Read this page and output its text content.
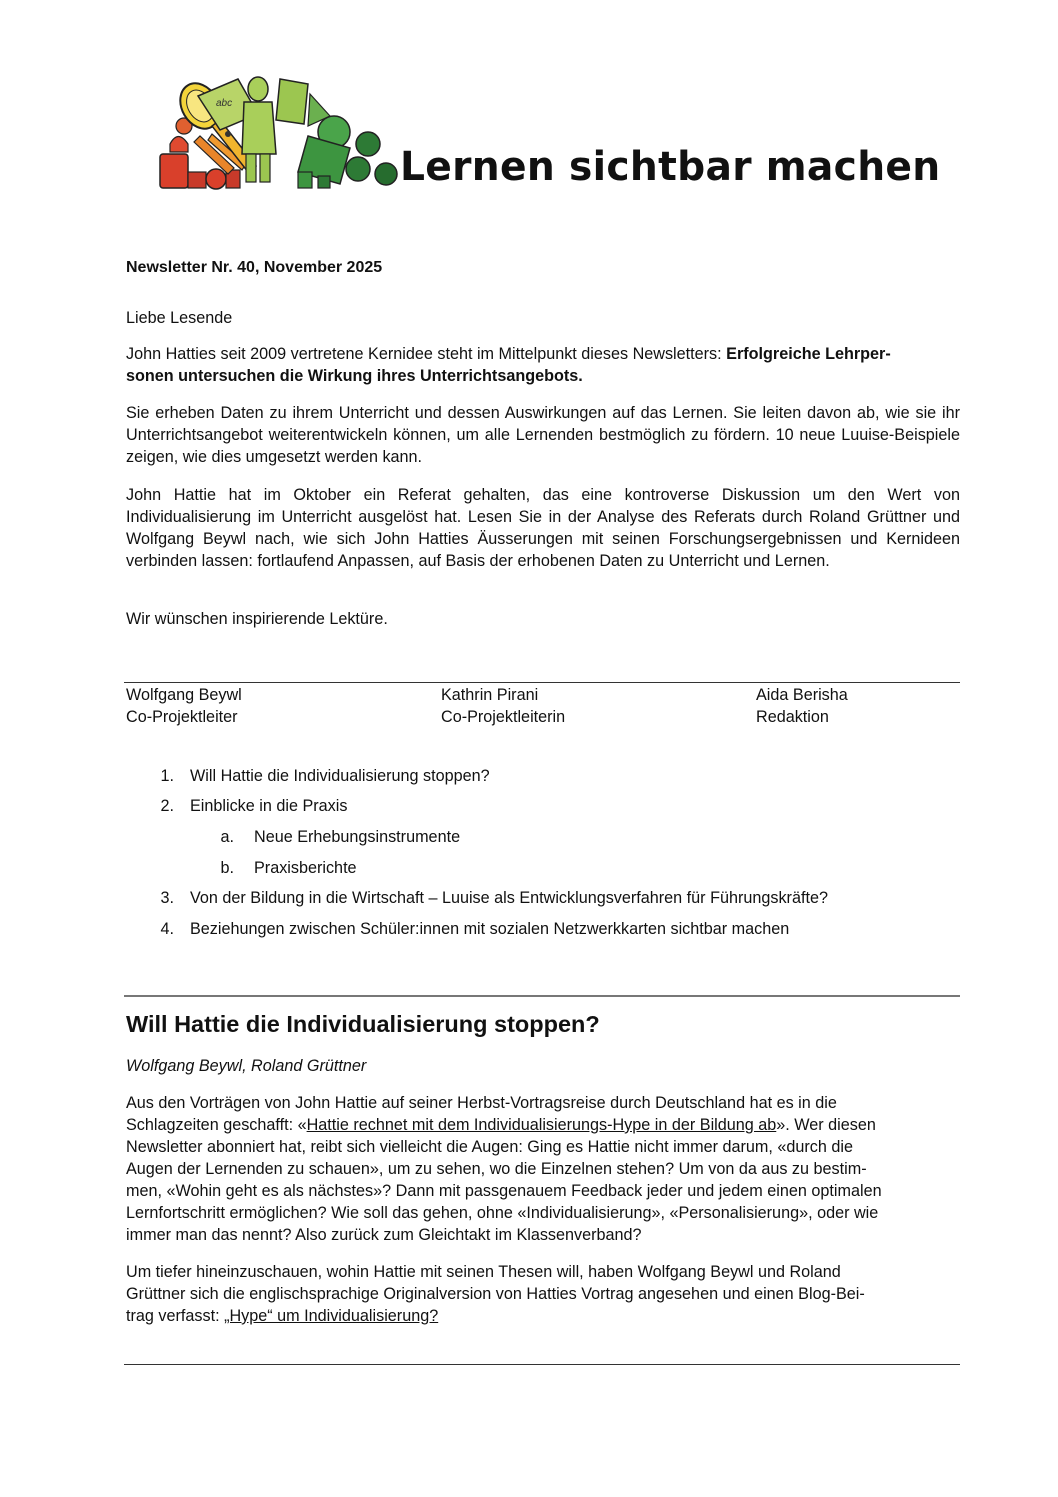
abc
Lernen sichtbar machen
Newsletter Nr. 40, November 2025
Liebe Lesende
John Hatties seit 2009 vertretene Kernidee steht im Mittelpunkt dieses Newsletters: Erfolgreiche Lehrper-
sonen untersuchen die Wirkung ihres Unterrichtsangebots.
Sie erheben Daten zu ihrem Unterricht und dessen Auswirkungen auf das Lernen. Sie leiten davon ab, wie sie ihr Unterrichtsangebot weiterentwickeln können, um alle Lernenden bestmöglich zu fördern. 10 neue Luuise-Beispiele zeigen, wie dies umgesetzt werden kann.
John Hattie hat im Oktober ein Referat gehalten, das eine kontroverse Diskussion um den Wert von Individualisierung im Unterricht ausgelöst hat. Lesen Sie in der Analyse des Referats durch Roland Grüttner und Wolfgang Beywl nach, wie sich John Hatties Äusserungen mit seinen Forschungsergebnissen und Kernideen verbinden lassen: fortlaufend Anpassen, auf Basis der erhobenen Daten zu Unterricht und Lernen.
Wir wünschen inspirierende Lektüre.
Wolfgang Beywl
Co-Projektleiter
Kathrin Pirani
Co-Projektleiterin
Aida Berisha
Redaktion
1. Will Hattie die Individualisierung stoppen?
2. Einblicke in die Praxis
a. Neue Erhebungsinstrumente
b. Praxisberichte
3. Von der Bildung in die Wirtschaft – Luuise als Entwicklungsverfahren für Führungskräfte?
4. Beziehungen zwischen Schüler:innen mit sozialen Netzwerkkarten sichtbar machen
Will Hattie die Individualisierung stoppen?
Wolfgang Beywl, Roland Grüttner
Aus den Vorträgen von John Hattie auf seiner Herbst-Vortragsreise durch Deutschland hat es in die
Schlagzeiten geschafft: «Hattie rechnet mit dem Individualisierungs-Hype in der Bildung ab». Wer diesen
Newsletter abonniert hat, reibt sich vielleicht die Augen: Ging es Hattie nicht immer darum, «durch die
Augen der Lernenden zu schauen», um zu sehen, wo die Einzelnen stehen? Um von da aus zu bestim-
men, «Wohin geht es als nächstes»? Dann mit passgenauem Feedback jeder und jedem einen optimalen
Lernfortschritt ermöglichen? Wie soll das gehen, ohne «Individualisierung», «Personalisierung», oder wie
immer man das nennt? Also zurück zum Gleichtakt im Klassenverband?
Um tiefer hineinzuschauen, wohin Hattie mit seinen Thesen will, haben Wolfgang Beywl und Roland
Grüttner sich die englischsprachige Originalversion von Hatties Vortrag angesehen und einen Blog-Bei-
trag verfasst: „Hype“ um Individualisierung?
